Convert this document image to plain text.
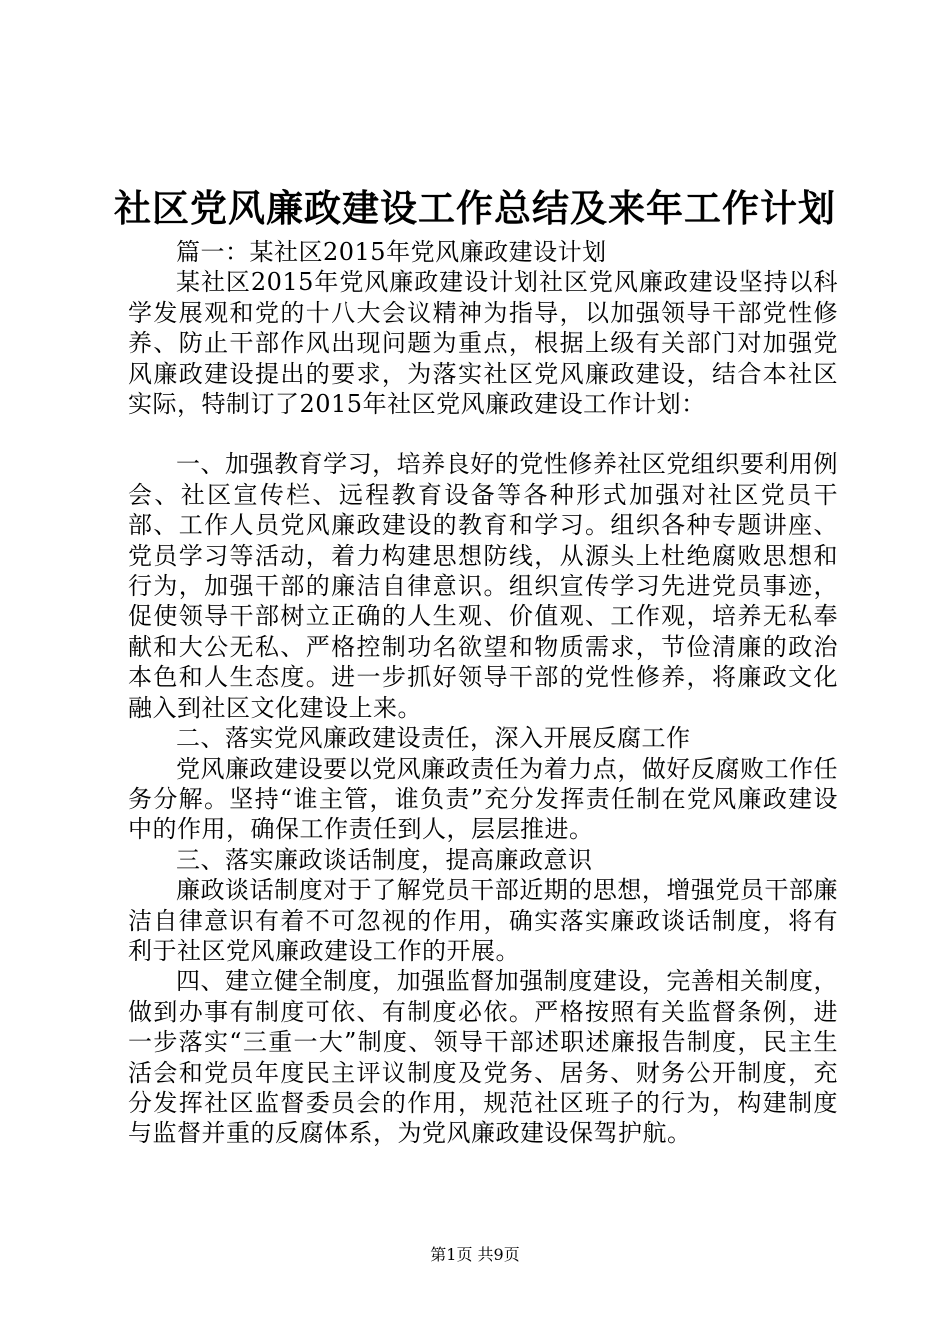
社区党风廉政建设工作总结及来年工作计划

篇一：某社区2015年党风廉政建设计划

某社区2015年党风廉政建设计划社区党风廉政建设坚持以科学发展观和党的十八大会议精神为指导，以加强领导干部党性修养、防止干部作风出现问题为重点，根据上级有关部门对加强党风廉政建设提出的要求，为落实社区党风廉政建设，结合本社区实际，特制订了2015年社区党风廉政建设工作计划：

一、加强教育学习，培养良好的党性修养社区党组织要利用例会、社区宣传栏、远程教育设备等各种形式加强对社区党员干部、工作人员党风廉政建设的教育和学习。组织各种专题讲座、党员学习等活动，着力构建思想防线，从源头上杜绝腐败思想和行为，加强干部的廉洁自律意识。组织宣传学习先进党员事迹，促使领导干部树立正确的人生观、价值观、工作观，培养无私奉献和大公无私、严格控制功名欲望和物质需求，节俭清廉的政治本色和人生态度。进一步抓好领导干部的党性修养，将廉政文化融入到社区文化建设上来。

二、落实党风廉政建设责任，深入开展反腐工作

党风廉政建设要以党风廉政责任为着力点，做好反腐败工作任务分解。坚持“谁主管，谁负责”充分发挥责任制在党风廉政建设中的作用，确保工作责任到人，层层推进。

三、落实廉政谈话制度，提高廉政意识

廉政谈话制度对于了解党员干部近期的思想，增强党员干部廉洁自律意识有着不可忽视的作用，确实落实廉政谈话制度，将有利于社区党风廉政建设工作的开展。

四、建立健全制度，加强监督加强制度建设，完善相关制度，做到办事有制度可依、有制度必依。严格按照有关监督条例，进一步落实“三重一大”制度、领导干部述职述廉报告制度，民主生活会和党员年度民主评议制度及党务、居务、财务公开制度，充分发挥社区监督委员会的作用，规范社区班子的行为，构建制度与监督并重的反腐体系，为党风廉政建设保驾护航。

第1页 共9页
